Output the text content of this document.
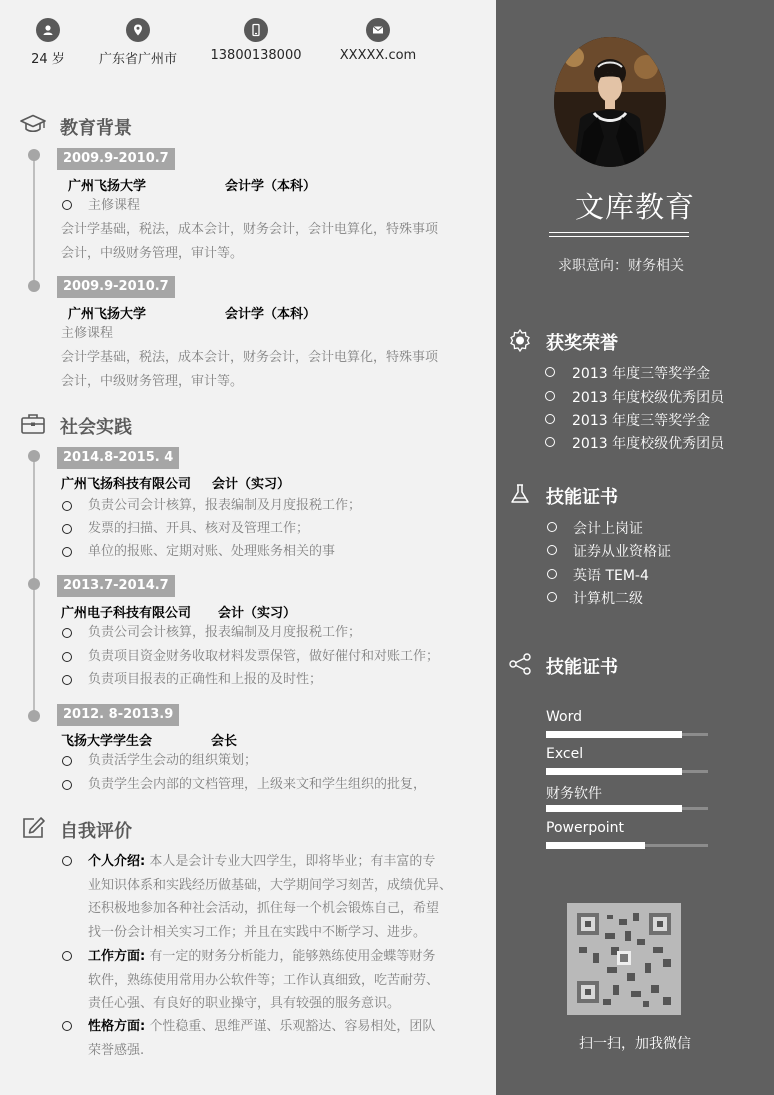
24 岁	广东省广州市	13800138000	XXXXX.com
教育背景
2009.9-2010.7
广州飞扬大学	会计学（本科）
主修课程
会计学基础，税法，成本会计，财务会计，会计电算化，特殊事项
会计，中级财务管理，审计等。
2009.9-2010.7
广州飞扬大学	会计学（本科）
主修课程
会计学基础，税法，成本会计，财务会计，会计电算化，特殊事项
会计，中级财务管理，审计等。
社会实践
2014.8-2015. 4
广州飞扬科技有限公司 会计（实习）
负责公司会计核算，报表编制及月度报税工作；
发票的扫描、开具、核对及管理工作；
单位的报账、定期对账、处理账务相关的事
2013.7-2014.7
广州电子科技有限公司 会计（实习）
负责公司会计核算，报表编制及月度报税工作；
负责项目资金财务收取材料发票保管，做好催付和对账工作；
负责项目报表的正确性和上报的及时性；
2012. 8-2013.9
飞扬大学学生会	会长
负责活学生会动的组织策划；
负责学生会内部的文档管理，上级来文和学生组织的批复，
自我评价
个人介绍: 本人是会计专业大四学生，即将毕业；有丰富的专
业知识体系和实践经历做基础，大学期间学习刻苦，成绩优异、
还积极地参加各种社会活动，抓住每一个机会锻炼自己，希望
找一份会计相关实习工作；并且在实践中不断学习、进步。
工作方面: 有一定的财务分析能力，能够熟练使用金蝶等财务
软件，熟练使用常用办公软件等；工作认真细致，吃苦耐劳、
责任心强、有良好的职业操守，具有较强的服务意识。
性格方面: 个性稳重、思维严谨、乐观豁达、容易相处，团队
荣誉感强.
文库教育
求职意向：财务相关
获奖荣誉
2013 年度三等奖学金
2013 年度校级优秀团员
2013 年度三等奖学金
2013 年度校级优秀团员
技能证书
会计上岗证
证券从业资格证
英语 TEM-4
计算机二级
技能证书
Word
Excel
财务软件
Powerpoint
扫一扫，加我微信
